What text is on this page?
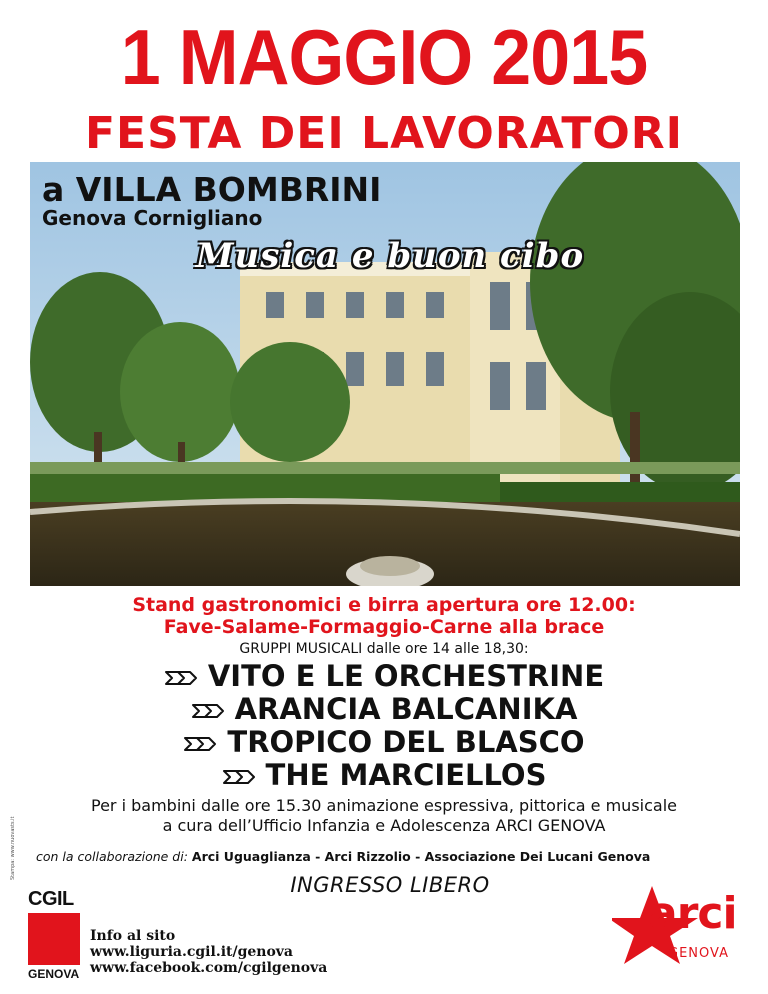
1 MAGGIO 2015
FESTA DEI LAVORATORI
a VILLA BOMBRINI
Genova Cornigliano
Musica e buon cibo
Stand gastronomici e birra apertura ore 12.00:
Fave-Salame-Formaggio-Carne alla brace
GRUPPI MUSICALI dalle ore 14 alle 18,30:
VITO E LE ORCHESTRINE
ARANCIA BALCANIKA
TROPICO DEL BLASCO
THE MARCIELLOS
Per i bambini dalle ore 15.30 animazione espressiva, pittorica e musicale
a cura dell’Ufficio Infanzia e Adolescenza ARCI GENOVA
con la collaborazione di: Arci Uguaglianza - Arci Rizzolio - Associazione Dei Lucani Genova
INGRESSO LIBERO
Stampa: www.nuovasts.it
CGIL
GENOVA
Info al sito
www.liguria.cgil.it/genova
www.facebook.com/cgilgenova
arci
GENOVA
